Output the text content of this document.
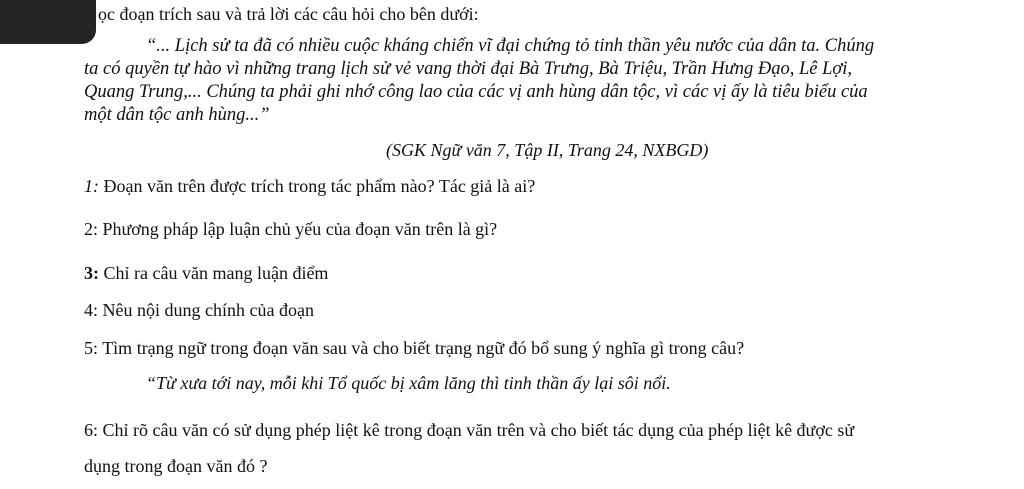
ọc đoạn trích sau và trả lời các câu hỏi cho bên dưới:
“... Lịch sử ta đã có nhiều cuộc kháng chiến vĩ đại chứng tỏ tinh thần yêu nước của dân ta. Chúng
ta có quyền tự hào vì những trang lịch sử vẻ vang thời đại Bà Trưng, Bà Triệu, Trần Hưng Đạo, Lê Lợi,
Quang Trung,... Chúng ta phải ghi nhớ công lao của các vị anh hùng dân tộc, vì các vị ấy là tiêu biểu của
một dân tộc anh hùng...”
(SGK Ngữ văn 7, Tập II, Trang 24, NXBGD)
1: Đoạn văn trên được trích trong tác phẩm nào? Tác giả là ai?
2: Phương pháp lập luận chủ yếu của đoạn văn trên là gì?
3: Chỉ ra câu văn mang luận điểm
4: Nêu nội dung chính của đoạn
5: Tìm trạng ngữ trong đoạn văn sau và cho biết trạng ngữ đó bổ sung ý nghĩa gì trong câu?
“Từ xưa tới nay, mỗi khi Tổ quốc bị xâm lăng thì tinh thần ấy lại sôi nổi.
6: Chỉ rõ câu văn có sử dụng phép liệt kê trong đoạn văn trên và cho biết tác dụng của phép liệt kê được sử
dụng trong đoạn văn đó ?
